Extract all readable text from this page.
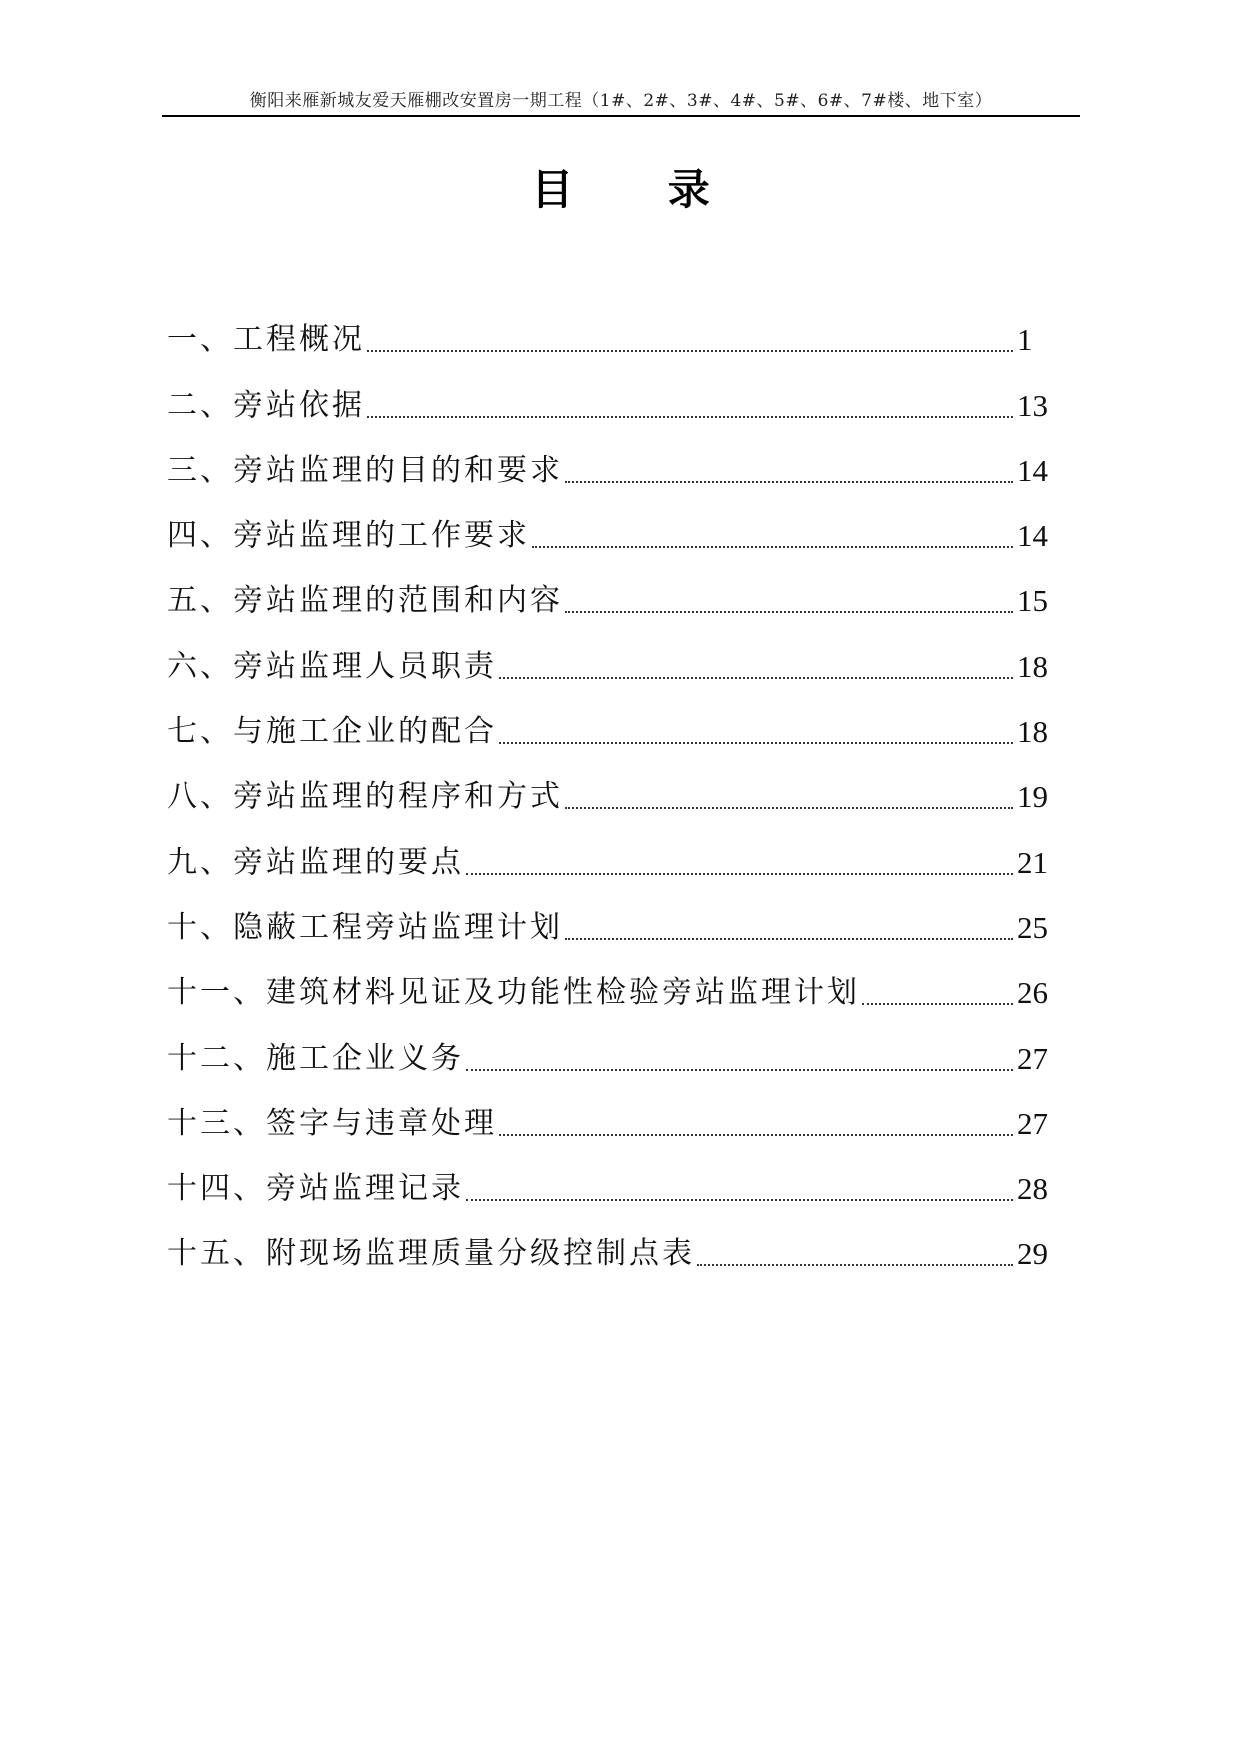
衡阳来雁新城友爱天雁棚改安置房一期工程（1#、2#、3#、4#、5#、6#、7#楼、地下室）
目 录
一、工程概况	1
二、旁站依据	13
三、旁站监理的目的和要求	14
四、旁站监理的工作要求	14
五、旁站监理的范围和内容	15
六、旁站监理人员职责	18
七、与施工企业的配合	18
八、旁站监理的程序和方式	19
九、旁站监理的要点	21
十、隐蔽工程旁站监理计划	25
十一、建筑材料见证及功能性检验旁站监理计划	26
十二、施工企业义务	27
十三、签字与违章处理	27
十四、旁站监理记录	28
十五、附现场监理质量分级控制点表	29
